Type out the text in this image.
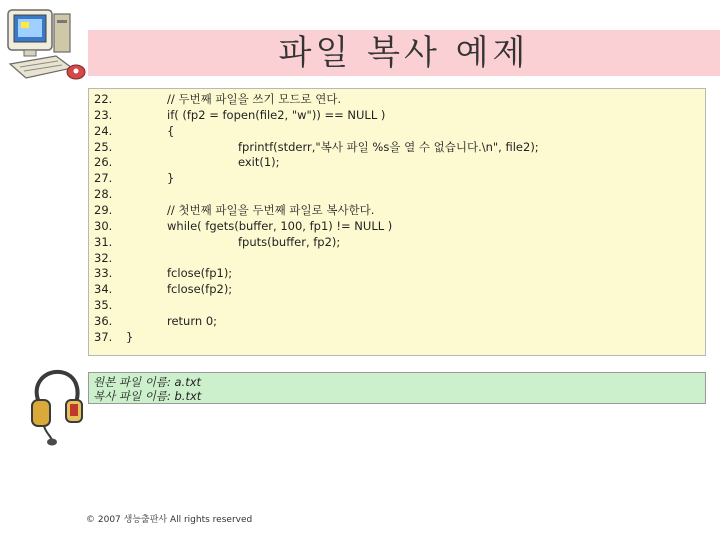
파일 복사 예제
22.	// 두번째 파일을 쓰기 모드로 연다.
23.	if( (fp2 = fopen(file2, "w")) == NULL )
24.	{
25.	fprintf(stderr,"복사 파일 %s을 열 수 없습니다.\n", file2);
26.	exit(1);
27.	}
28.
29.	// 첫번째 파일을 두번째 파일로 복사한다.
30.	while( fgets(buffer, 100, fp1) != NULL )
31.	fputs(buffer, fp2);
32.
33.	fclose(fp1);
34.	fclose(fp2);
35.
36.	return 0;
37. }
원본 파일 이름: a.txt
복사 파일 이름: b.txt
© 2007 생능출판사 All rights reserved
